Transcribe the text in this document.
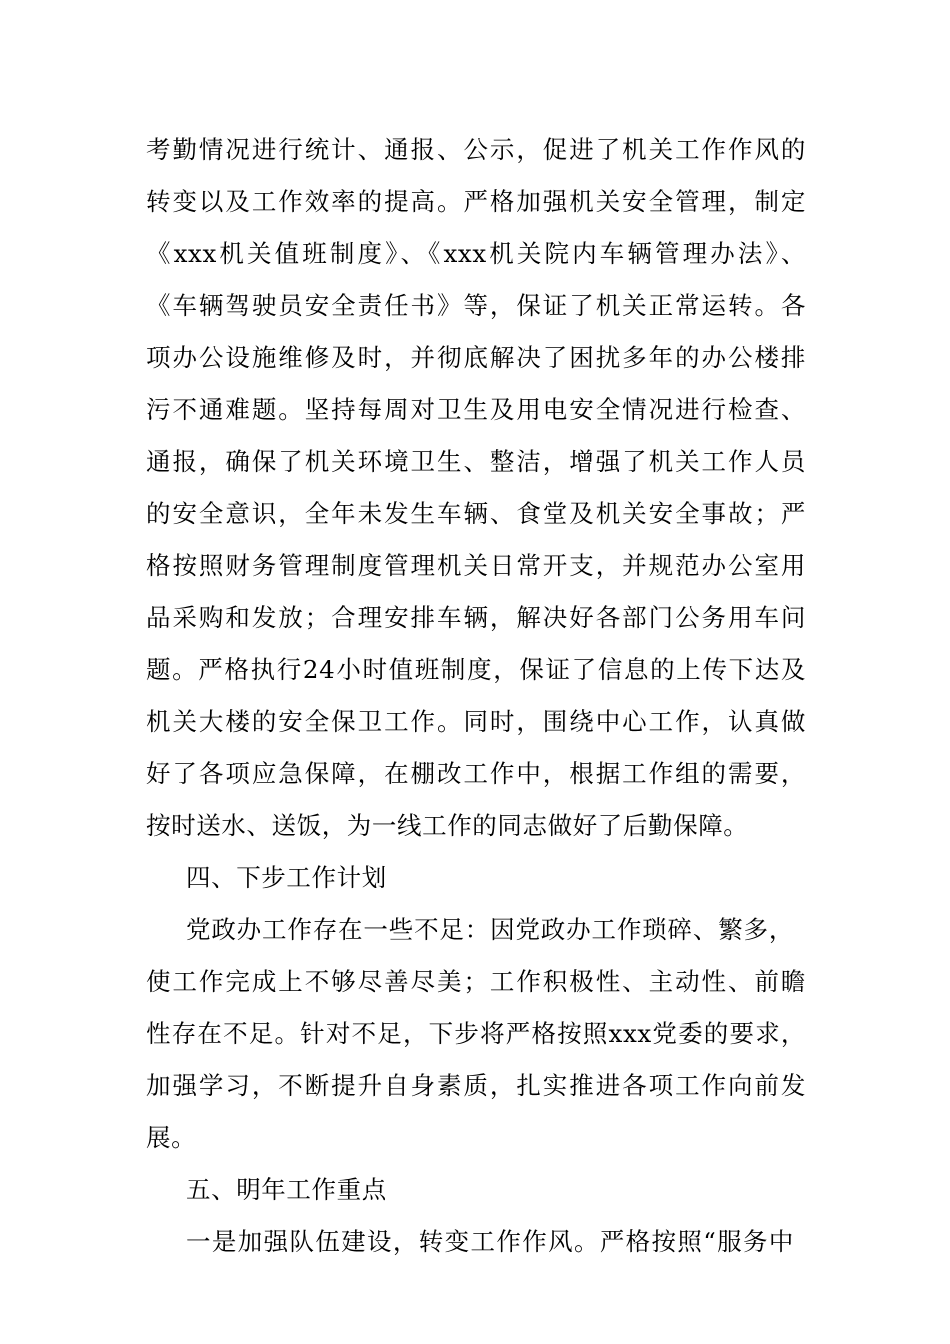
考勤情况进行统计、通报、公示，促进了机关工作作风的
转变以及工作效率的提高。严格加强机关安全管理，制定
《xxx机关值班制度》、《xxx机关院内车辆管理办法》、
《车辆驾驶员安全责任书》等，保证了机关正常运转。各
项办公设施维修及时，并彻底解决了困扰多年的办公楼排
污不通难题。坚持每周对卫生及用电安全情况进行检查、
通报，确保了机关环境卫生、整洁，增强了机关工作人员
的安全意识，全年未发生车辆、食堂及机关安全事故；严
格按照财务管理制度管理机关日常开支，并规范办公室用
品采购和发放；合理安排车辆，解决好各部门公务用车问
题。严格执行24小时值班制度，保证了信息的上传下达及
机关大楼的安全保卫工作。同时，围绕中心工作，认真做
好了各项应急保障，在棚改工作中，根据工作组的需要，
按时送水、送饭，为一线工作的同志做好了后勤保障。
四、下步工作计划
党政办工作存在一些不足：因党政办工作琐碎、繁多，
使工作完成上不够尽善尽美；工作积极性、主动性、前瞻
性存在不足。针对不足，下步将严格按照xxx党委的要求，
加强学习，不断提升自身素质，扎实推进各项工作向前发
展。
五、明年工作重点
一是加强队伍建设，转变工作作风。严格按照“服务中
